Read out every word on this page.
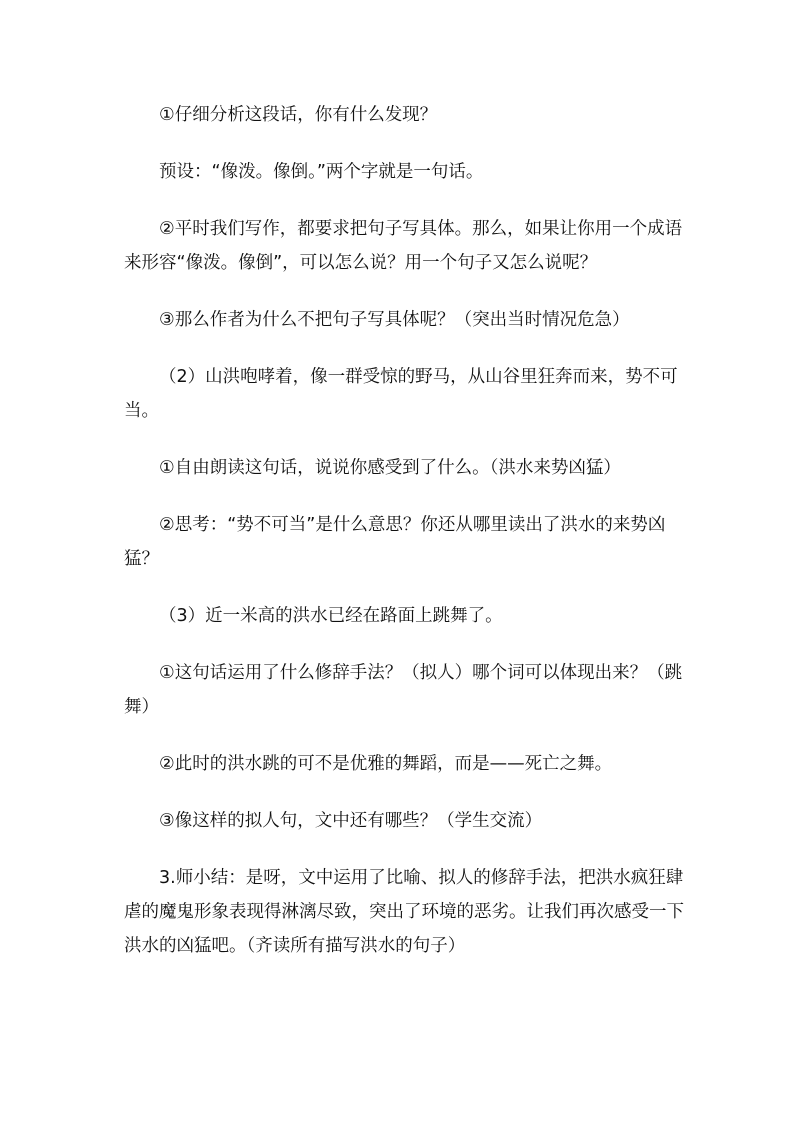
①仔细分析这段话，你有什么发现？

预设：“像泼。像倒。”两个字就是一句话。

②平时我们写作，都要求把句子写具体。那么，如果让你用一个成语来形容“像泼。像倒”，可以怎么说？用一个句子又怎么说呢？

③那么作者为什么不把句子写具体呢？（突出当时情况危急）

（2）山洪咆哮着，像一群受惊的野马，从山谷里狂奔而来，势不可当。

①自由朗读这句话，说说你感受到了什么。（洪水来势凶猛）

②思考：“势不可当”是什么意思？你还从哪里读出了洪水的来势凶猛？

（3）近一米高的洪水已经在路面上跳舞了。

①这句话运用了什么修辞手法？（拟人）哪个词可以体现出来？（跳舞）

②此时的洪水跳的可不是优雅的舞蹈，而是——死亡之舞。

③像这样的拟人句，文中还有哪些？（学生交流）

3.师小结：是呀，文中运用了比喻、拟人的修辞手法，把洪水疯狂肆虐的魔鬼形象表现得淋漓尽致，突出了环境的恶劣。让我们再次感受一下洪水的凶猛吧。（齐读所有描写洪水的句子）
